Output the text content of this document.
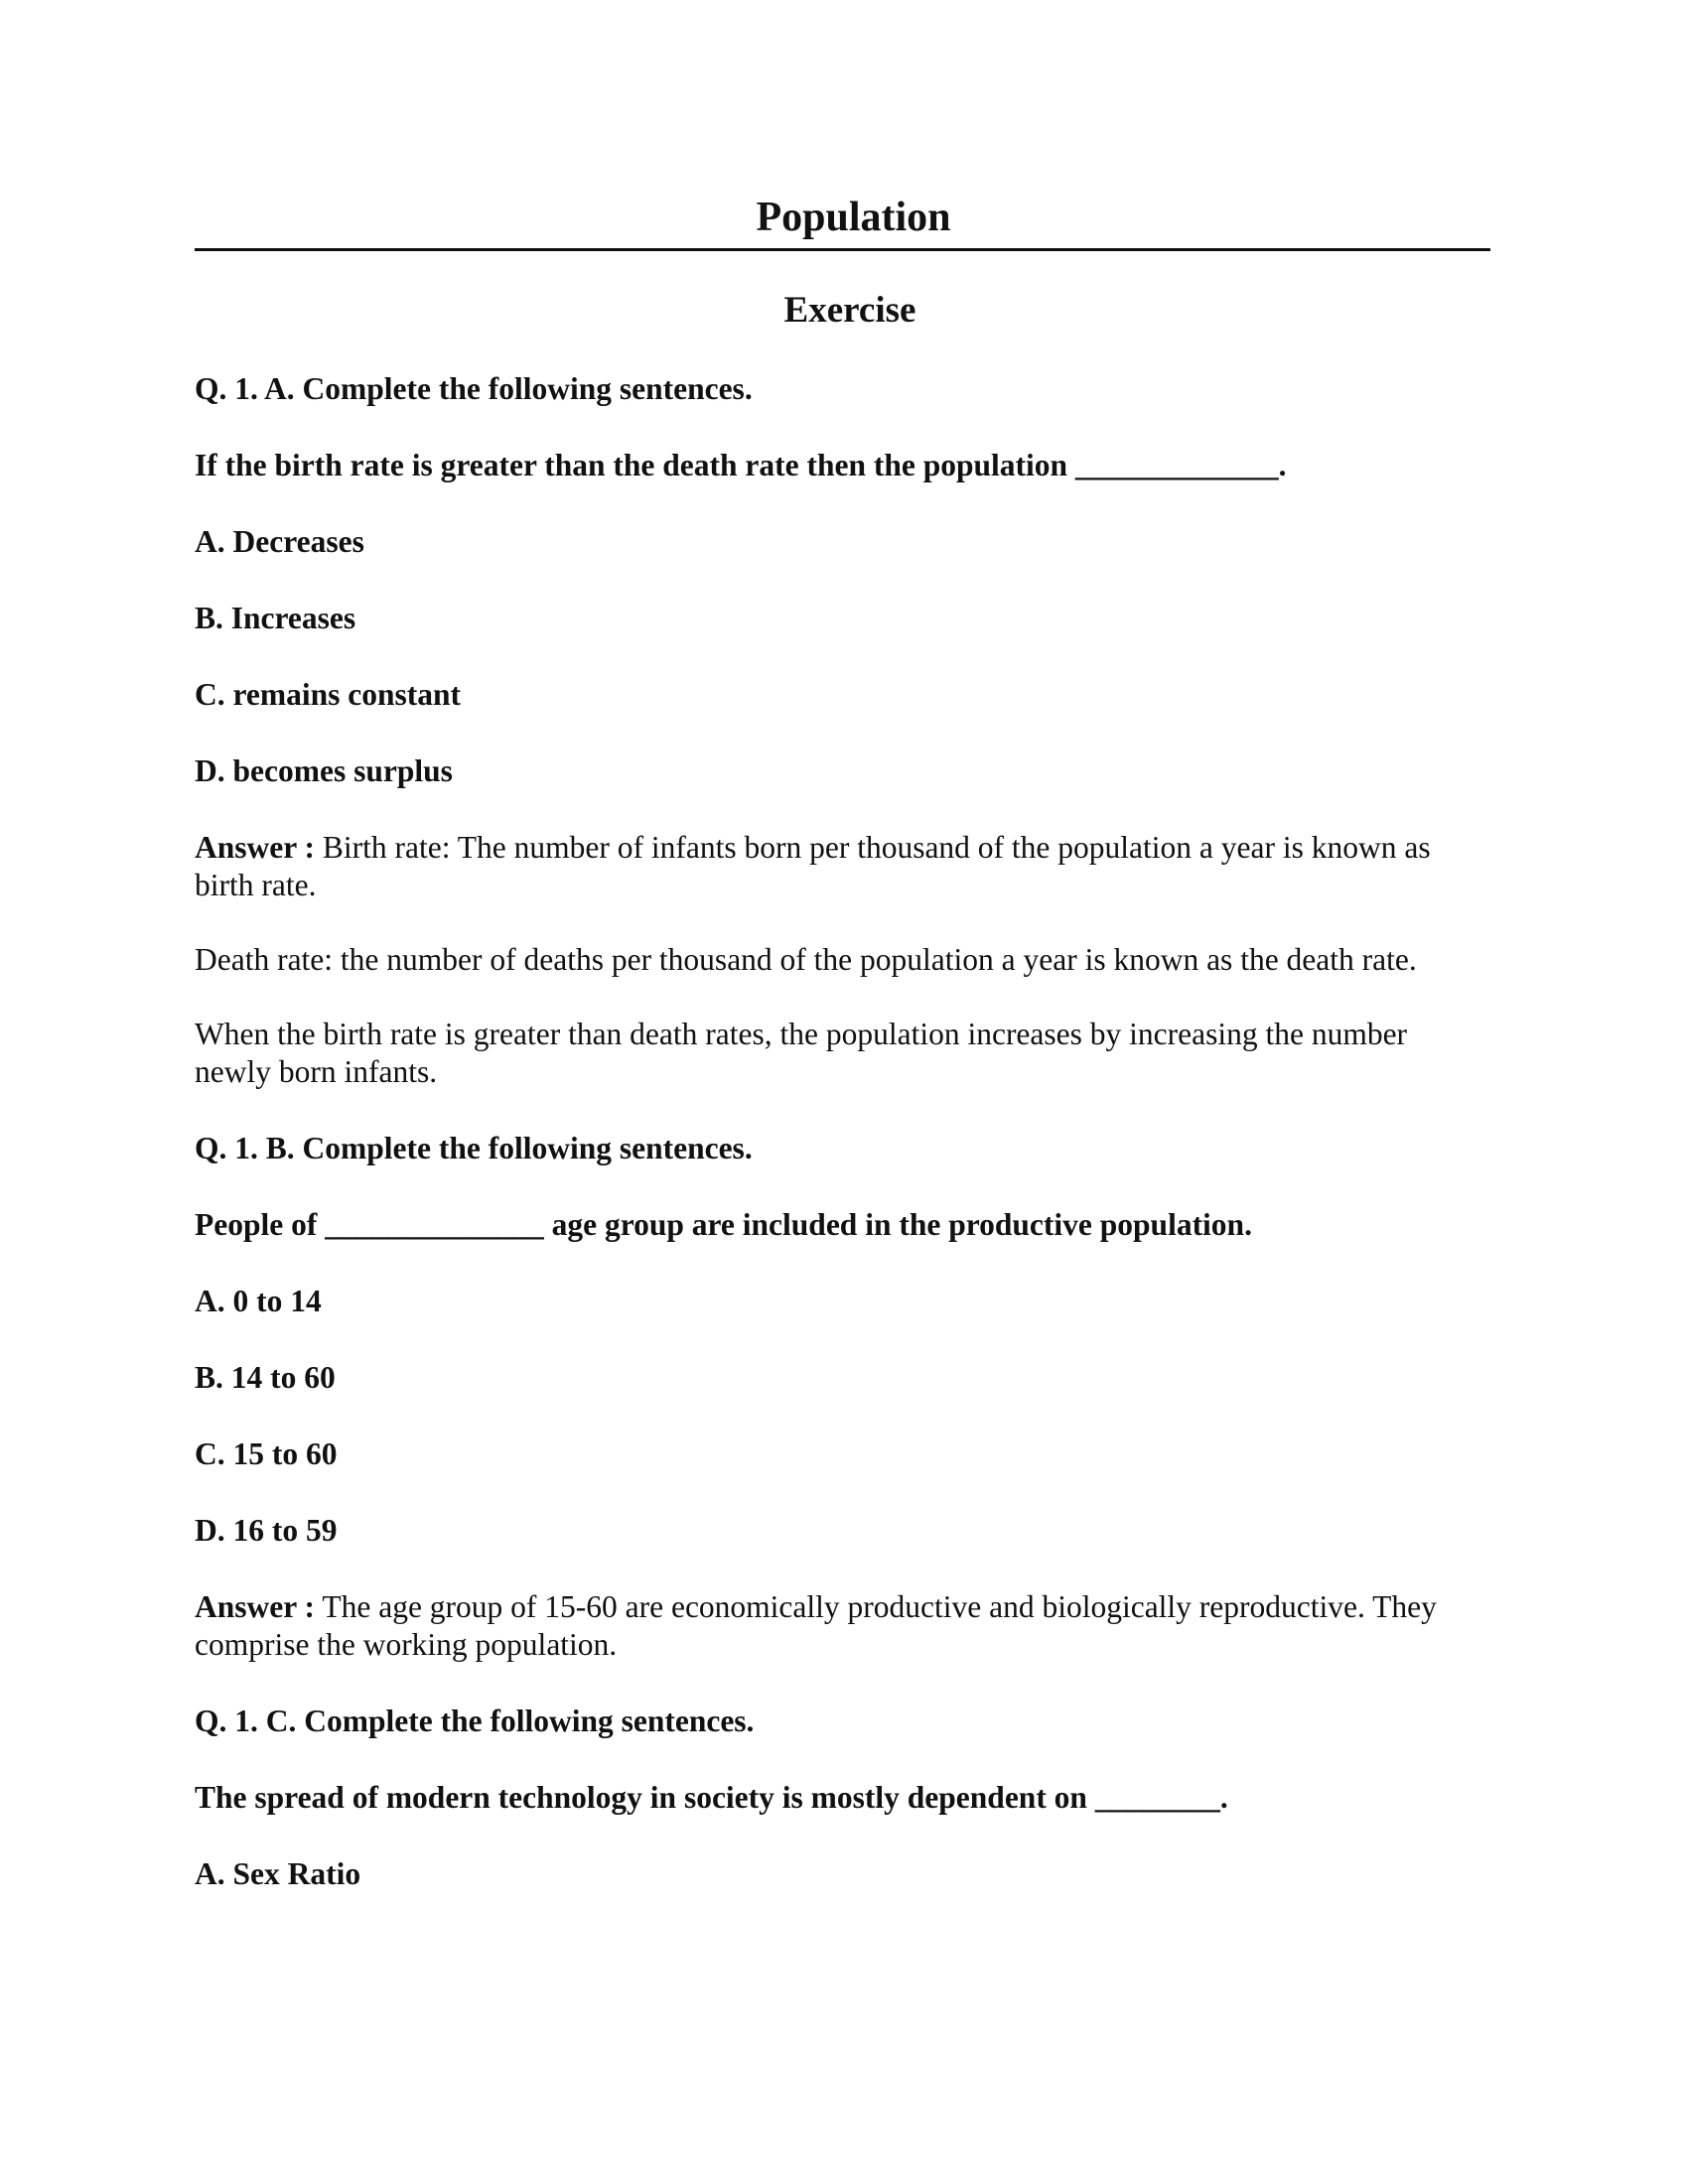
Population
Exercise

Q. 1. A. Complete the following sentences.

If the birth rate is greater than the death rate then the population _____________.

A. Decreases

B. Increases

C. remains constant

D. becomes surplus

Answer : Birth rate: The number of infants born per thousand of the population a year is known as birth rate.

Death rate: the number of deaths per thousand of the population a year is known as the death rate.

When the birth rate is greater than death rates, the population increases by increasing the number newly born infants.

Q. 1. B. Complete the following sentences.

People of ______________ age group are included in the productive population.

A. 0 to 14

B. 14 to 60

C. 15 to 60

D. 16 to 59

Answer : The age group of 15-60 are economically productive and biologically reproductive. They comprise the working population.

Q. 1. C. Complete the following sentences.

The spread of modern technology in society is mostly dependent on ________.

A. Sex Ratio
